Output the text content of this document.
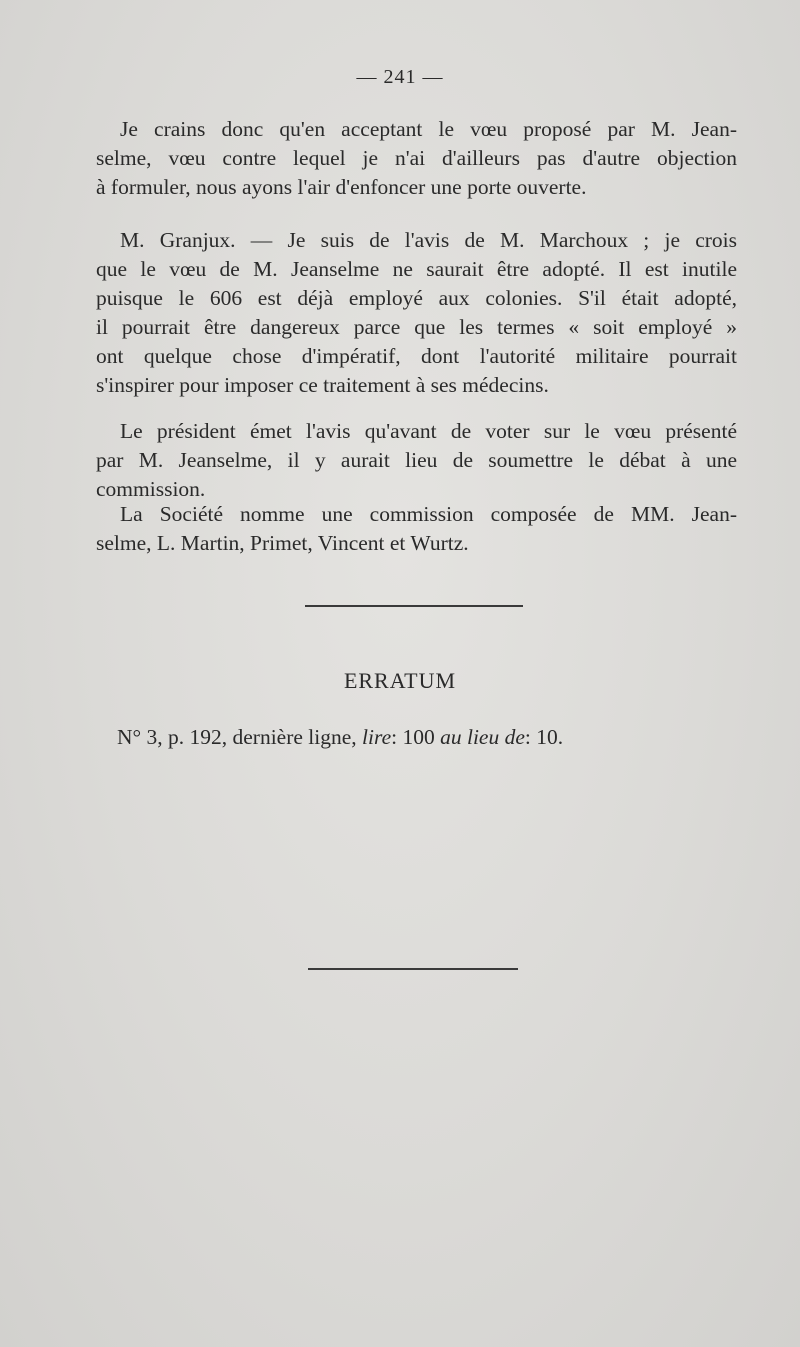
— 241 —
Je crains donc qu'en acceptant le vœu proposé par M. Jean-
selme, vœu contre lequel je n'ai d'ailleurs pas d'autre objection
à formuler, nous ayons l'air d'enfoncer une porte ouverte.
M. Granjux. — Je suis de l'avis de M. Marchoux ; je crois
que le vœu de M. Jeanselme ne saurait être adopté. Il est inutile
puisque le 606 est déjà employé aux colonies. S'il était adopté,
il pourrait être dangereux parce que les termes « soit employé »
ont quelque chose d'impératif, dont l'autorité militaire pourrait
s'inspirer pour imposer ce traitement à ses médecins.
Le président émet l'avis qu'avant de voter sur le vœu présenté
par M. Jeanselme, il y aurait lieu de soumettre le débat à une
commission.
La Société nomme une commission composée de MM. Jean-
selme, L. Martin, Primet, Vincent et Wurtz.
ERRATUM
N° 3, p. 192, dernière ligne, lire: 100 au lieu de: 10.
